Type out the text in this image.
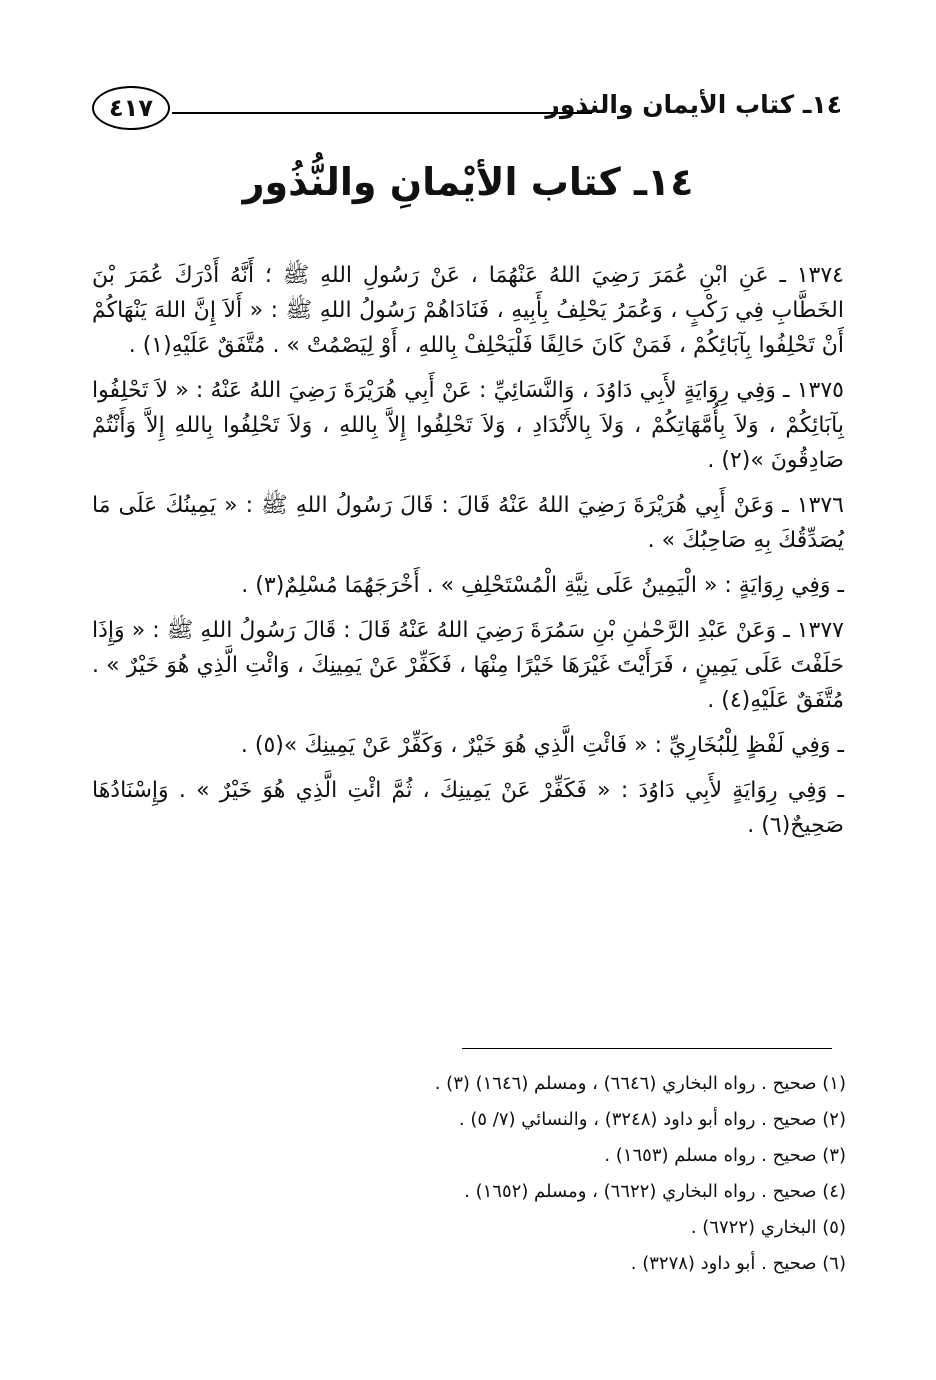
١٤ـ كتاب الأيمان والنذور
٤١٧
١٤ـ كتاب الأيْمانِ والنُّذُور

١٣٧٤ ـ عَنِ ابْنِ عُمَرَ رَضِيَ اللهُ عَنْهُمَا ، عَنْ رَسُولِ اللهِ ﷺ ؛ أَنَّهُ أَدْرَكَ عُمَرَ بْنَ الخَطَّابِ فِي رَكْبٍ ، وَعُمَرُ يَحْلِفُ بِأَبِيهِ ، فَنَادَاهُمْ رَسُولُ اللهِ ﷺ : « أَلاَ إِنَّ اللهَ يَنْهَاكُمْ أَنْ تَحْلِفُوا بِآبَائِكُمْ ، فَمَنْ كَانَ حَالِفًا فَلْيَحْلِفْ بِاللهِ ، أَوْ لِيَصْمُتْ » . مُتَّفَقٌ عَلَيْهِ(١) .

١٣٧٥ ـ وَفِي رِوَايَةٍ لأَبِي دَاوُدَ ، وَالنَّسَائِيِّ : عَنْ أَبِي هُرَيْرَةَ رَضِيَ اللهُ عَنْهُ : « لاَ تَحْلِفُوا بِآبَائِكُمْ ، وَلاَ بِأُمَّهَاتِكُمْ ، وَلاَ بِالأَنْدَادِ ، وَلاَ تَحْلِفُوا إِلاَّ بِاللهِ ، وَلاَ تَحْلِفُوا بِاللهِ إِلاَّ وَأَنْتُمْ صَادِقُونَ »(٢) .

١٣٧٦ ـ وَعَنْ أَبِي هُرَيْرَةَ رَضِيَ اللهُ عَنْهُ قَالَ : قَالَ رَسُولُ اللهِ ﷺ : « يَمِينُكَ عَلَى مَا يُصَدِّقُكَ بِهِ صَاحِبُكَ » .

ـ وَفِي رِوَايَةٍ : « الْيَمِينُ عَلَى نِيَّةِ الْمُسْتَحْلِفِ » . أَخْرَجَهُمَا مُسْلِمٌ(٣) .

١٣٧٧ ـ وَعَنْ عَبْدِ الرَّحْمٰنِ بْنِ سَمُرَةَ رَضِيَ اللهُ عَنْهُ قَالَ : قَالَ رَسُولُ اللهِ ﷺ : « وَإِذَا حَلَفْتَ عَلَى يَمِينٍ ، فَرَأَيْتَ غَيْرَهَا خَيْرًا مِنْهَا ، فَكَفِّرْ عَنْ يَمِينِكَ ، وَائْتِ الَّذِي هُوَ خَيْرٌ » . مُتَّفَقٌ عَلَيْهِ(٤) .

ـ وَفِي لَفْظٍ لِلْبُخَارِيِّ : « فَائْتِ الَّذِي هُوَ خَيْرٌ ، وَكَفِّرْ عَنْ يَمِينِكَ »(٥) .

ـ وَفِي رِوَايَةٍ لأَبِي دَاوُدَ : « فَكَفِّرْ عَنْ يَمِينِكَ ، ثُمَّ ائْتِ الَّذِي هُوَ خَيْرٌ » . وَإِسْنَادُهَا صَحِيحٌ(٦) .

(١) صحيح . رواه البخاري (٦٦٤٦) ، ومسلم (١٦٤٦) (٣) .
(٢) صحيح . رواه أبو داود (٣٢٤٨) ، والنسائي (٧/ ٥) .
(٣) صحيح . رواه مسلم (١٦٥٣) .
(٤) صحيح . رواه البخاري (٦٦٢٢) ، ومسلم (١٦٥٢) .
(٥) البخاري (٦٧٢٢) .
(٦) صحيح . أبو داود (٣٢٧٨) .
